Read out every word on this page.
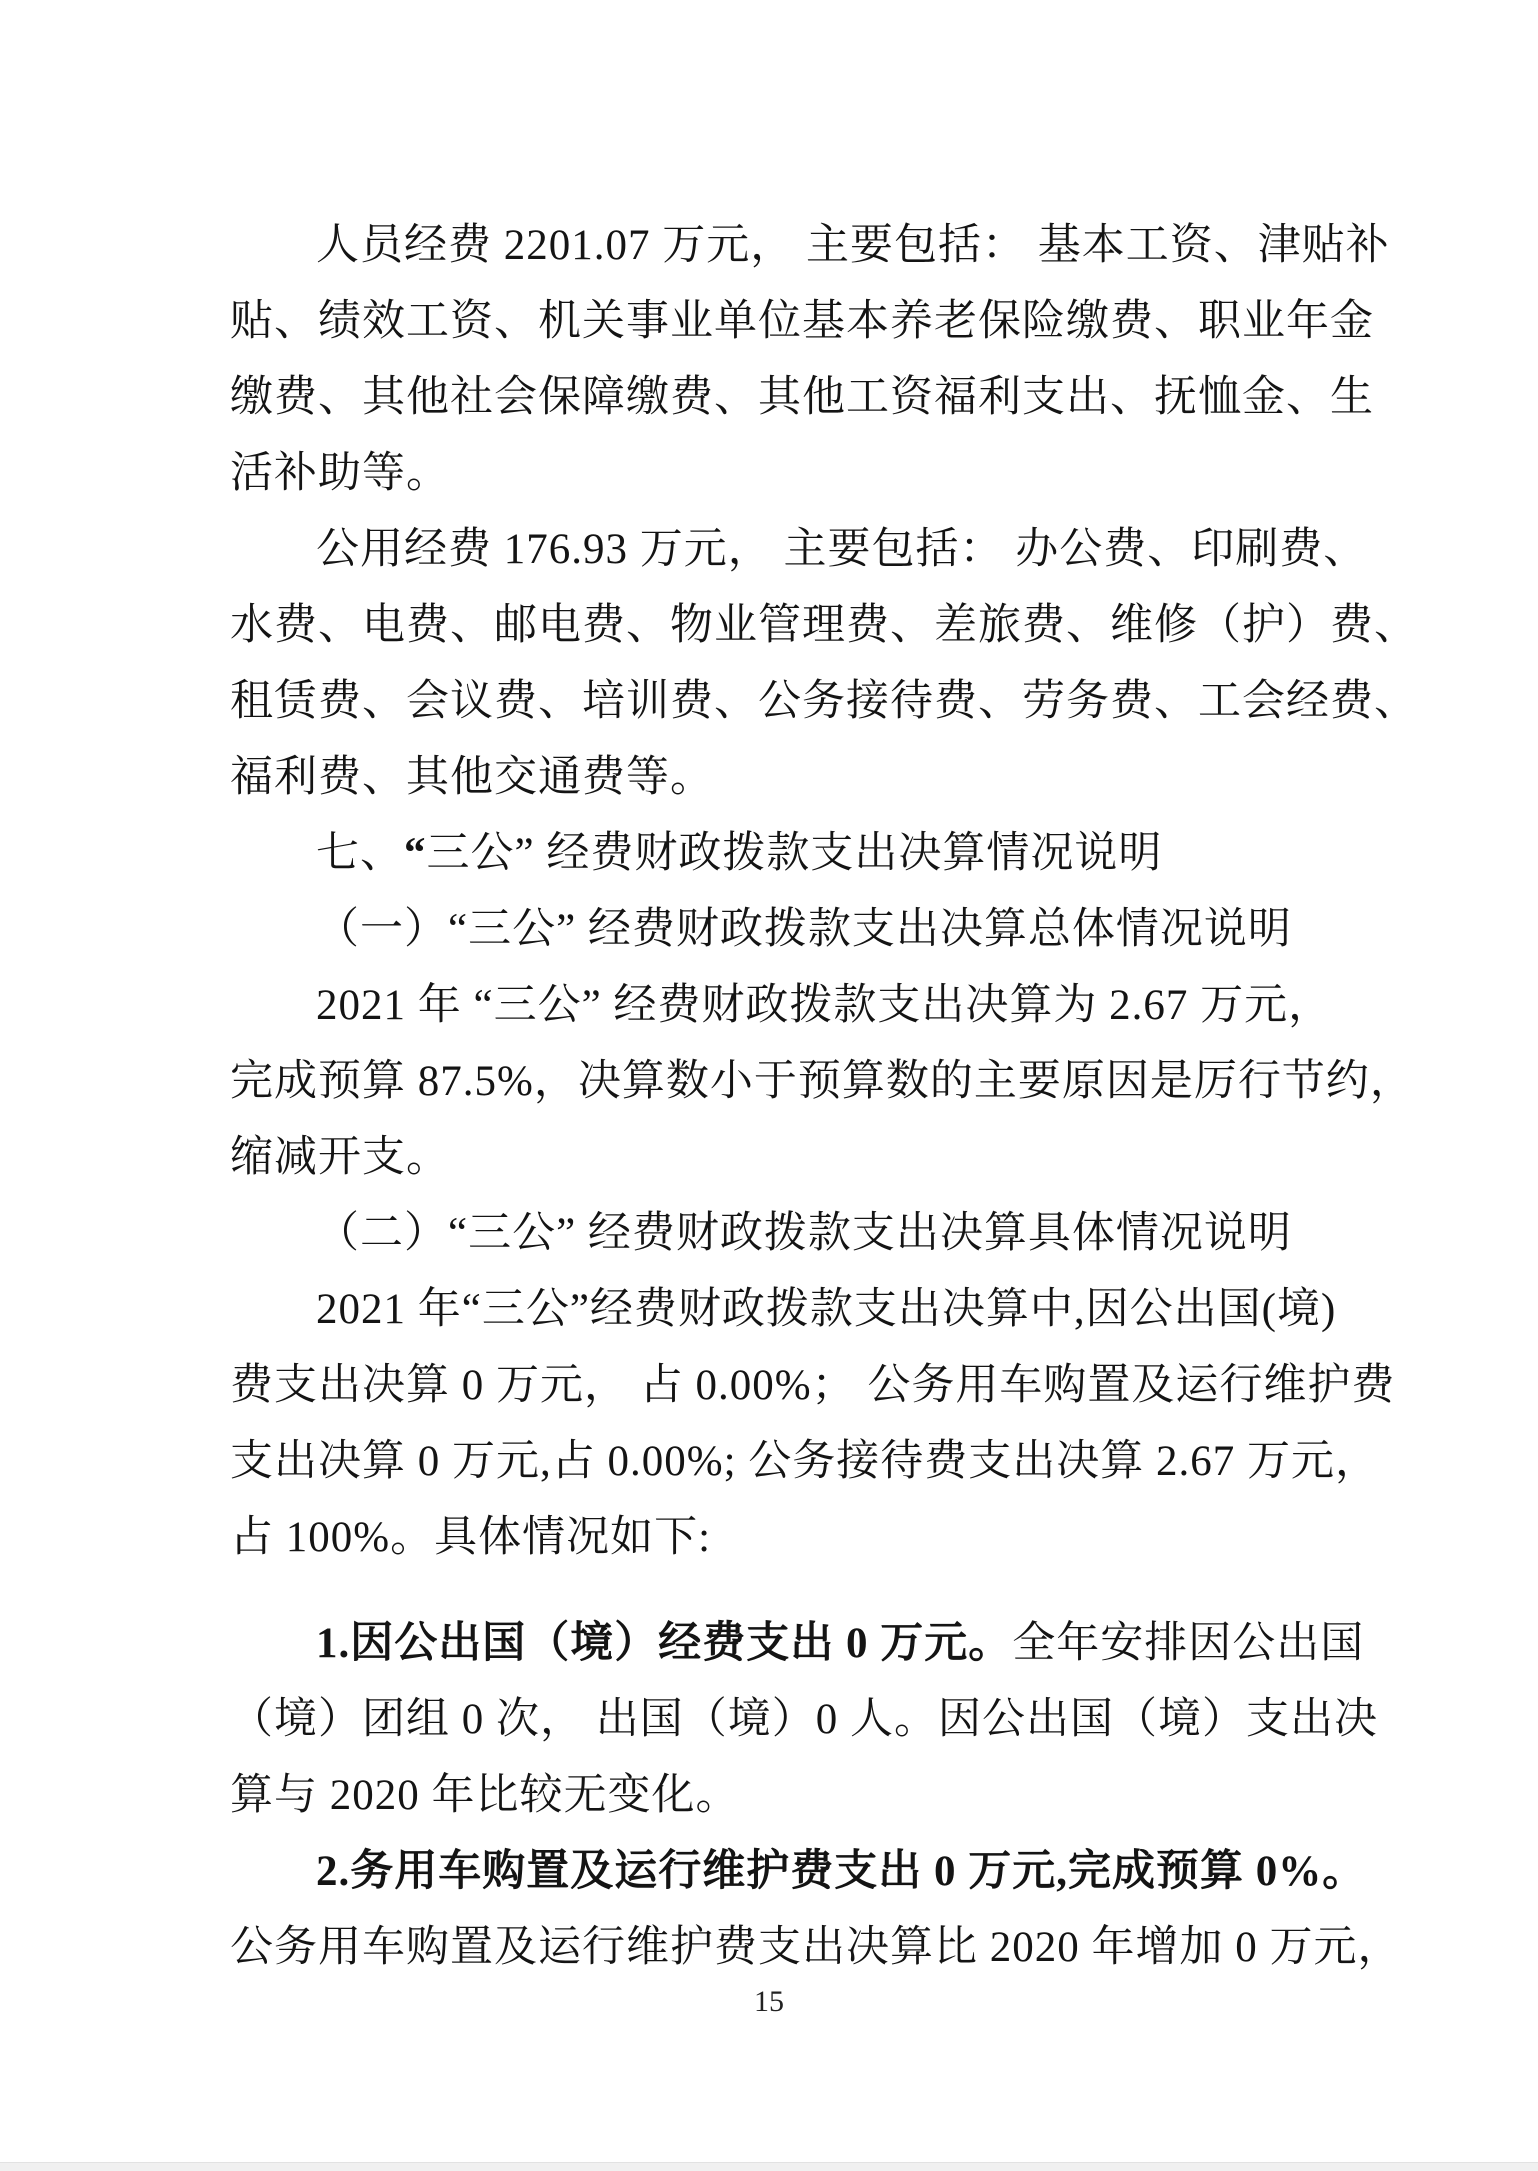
人员经费 2201.07 万元， 主要包括： 基本工资、津贴补
贴、绩效工资、机关事业单位基本养老保险缴费、职业年金
缴费、其他社会保障缴费、其他工资福利支出、抚恤金、生
活补助等。
公用经费 176.93 万元， 主要包括： 办公费、印刷费、
水费、电费、邮电费、物业管理费、差旅费、维修（护）费、
租赁费、会议费、培训费、公务接待费、劳务费、工会经费、
福利费、其他交通费等。
七、“三公” 经费财政拨款支出决算情况说明
（一）“三公” 经费财政拨款支出决算总体情况说明
2021 年 “三公” 经费财政拨款支出决算为 2.67 万元，
完成预算 87.5%，决算数小于预算数的主要原因是厉行节约，
缩减开支。
（二）“三公” 经费财政拨款支出决算具体情况说明
2021 年“三公”经费财政拨款支出决算中,因公出国(境)
费支出决算 0 万元， 占 0.00%； 公务用车购置及运行维护费
支出决算 0 万元,占 0.00%; 公务接待费支出决算 2.67 万元，
占 100%。具体情况如下:
1.因公出国（境）经费支出 0 万元。全年安排因公出国
（境）团组 0 次， 出国（境）0 人。因公出国（境）支出决
算与 2020 年比较无变化。
2.务用车购置及运行维护费支出 0 万元,完成预算 0%。
公务用车购置及运行维护费支出决算比 2020 年增加 0 万元，
15
